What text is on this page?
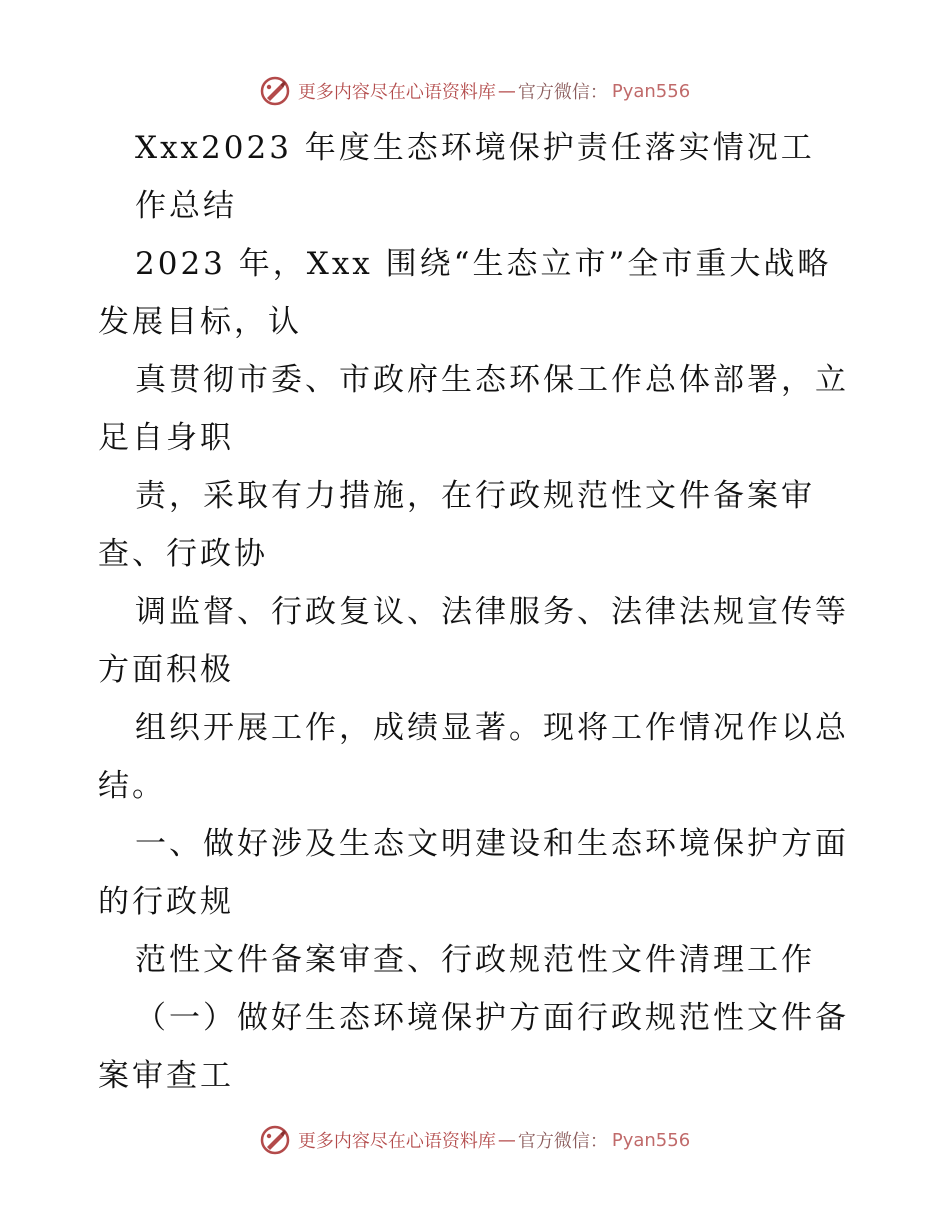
更多内容尽在心语资料库 — 官方微信： Pyan556
Xxx2023 年度生态环境保护责任落实情况工
作总结
2023 年，Xxx 围绕“生态立市”全市重大战略
发展目标，认
真贯彻市委、市政府生态环保工作总体部署，立
足自身职
责，采取有力措施，在行政规范性文件备案审
查、行政协
调监督、行政复议、法律服务、法律法规宣传等
方面积极
组织开展工作，成绩显著。现将工作情况作以总
结。
一、做好涉及生态文明建设和生态环境保护方面
的行政规
范性文件备案审查、行政规范性文件清理工作
（一）做好生态环境保护方面行政规范性文件备
案审查工
更多内容尽在心语资料库 — 官方微信： Pyan556
